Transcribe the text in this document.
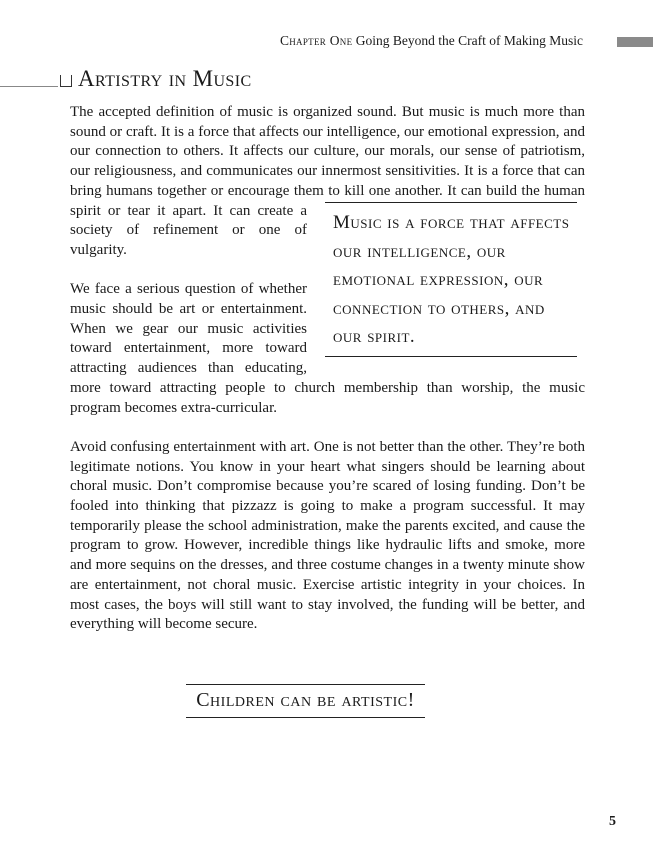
Chapter One Going Beyond the Craft of Making Music
Artistry in Music
Music is a force that affects our intelligence, our emotional expression, our connection to others, and our spirit.

The accepted definition of music is organized sound. But music is much more than sound or craft. It is a force that affects our intelligence, our emotional expression, and our connection to others. It affects our culture, our morals, our sense of patriotism, our religiousness, and communicates our innermost sensitivities. It is a force that can bring humans together or encourage them to kill one another. It can build the human spirit or tear it apart. It can create a society of refinement or one of vulgarity.

We face a serious question of whether music should be art or entertainment. When we gear our music activities toward entertainment, more toward attracting audiences than educating, more toward attracting people to church membership than worship, the music program becomes extra-curricular.

Avoid confusing entertainment with art. One is not better than the other. They’re both legitimate notions. You know in your heart what singers should be learning about choral music. Don’t compromise because you’re scared of losing funding. Don’t be fooled into thinking that pizzazz is going to make a program successful. It may temporarily please the school administration, make the parents excited, and cause the program to grow. However, incredible things like hydraulic lifts and smoke, more and more sequins on the dresses, and three costume changes in a twenty minute show are entertainment, not choral music. Exercise artistic integrity in your choices. In most cases, the boys will still want to stay involved, the funding will be better, and everything will become secure.

Children can be artistic!
5
